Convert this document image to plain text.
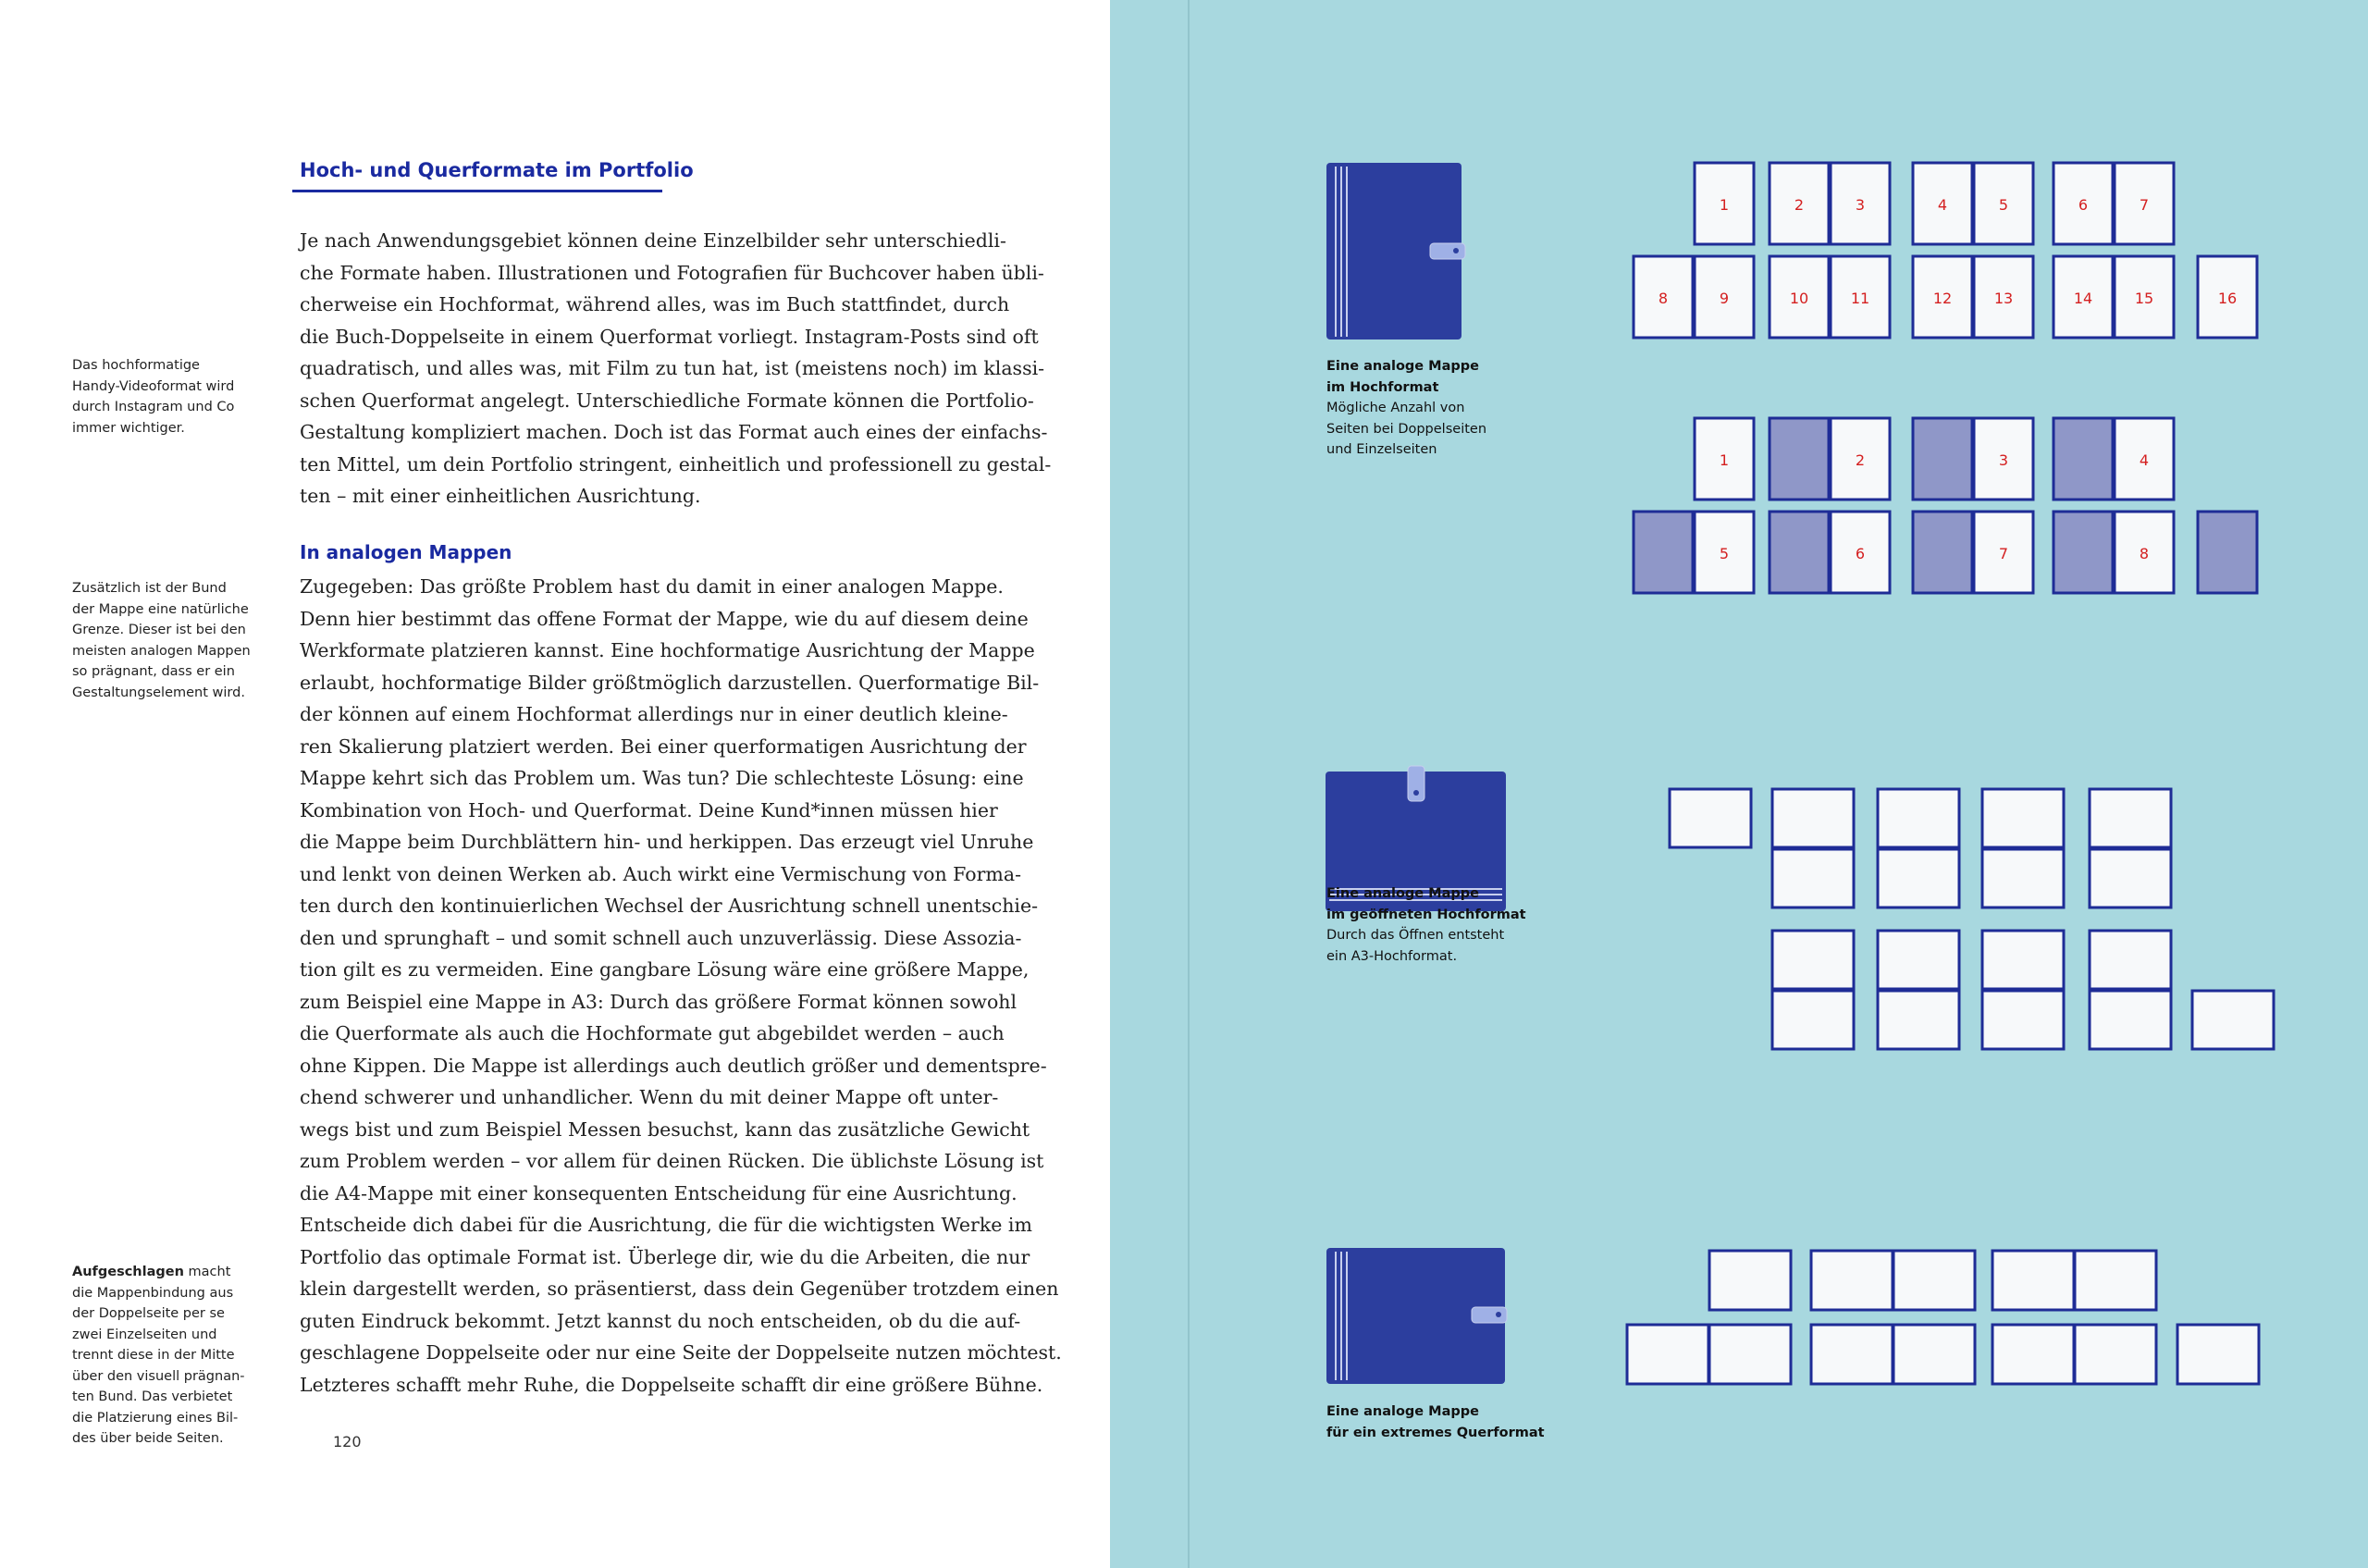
Hoch- und Querformate im Portfolio
Je nach Anwendungsgebiet können deine Einzelbilder sehr unterschiedli-
che Formate haben. Illustrationen und Fotografien für Buchcover haben übli-
cherweise ein Hochformat, während alles, was im Buch stattfindet, durch
die Buch-Doppelseite in einem Querformat vorliegt. Instagram-Posts sind oft
quadratisch, und alles was, mit Film zu tun hat, ist (meistens noch) im klassi-
schen Querformat angelegt. Unterschiedliche Formate können die Portfolio-
Gestaltung kompliziert machen. Doch ist das Format auch eines der einfachs-
ten Mittel, um dein Portfolio stringent, einheitlich und professionell zu gestal-
ten – mit einer einheitlichen Ausrichtung.
In analogen Mappen
Zugegeben: Das größte Problem hast du damit in einer analogen Mappe.
Denn hier bestimmt das offene Format der Mappe, wie du auf diesem deine
Werkformate platzieren kannst. Eine hochformatige Ausrichtung der Mappe
erlaubt, hochformatige Bilder größtmöglich darzustellen. Querformatige Bil-
der können auf einem Hochformat allerdings nur in einer deutlich kleine-
ren Skalierung platziert werden. Bei einer querformatigen Ausrichtung der
Mappe kehrt sich das Problem um. Was tun? Die schlechteste Lösung: eine
Kombination von Hoch- und Querformat. Deine Kund*innen müssen hier
die Mappe beim Durchblättern hin- und herkippen. Das erzeugt viel Unruhe
und lenkt von deinen Werken ab. Auch wirkt eine Vermischung von Forma-
ten durch den kontinuierlichen Wechsel der Ausrichtung schnell unentschie-
den und sprunghaft – und somit schnell auch unzuverlässig. Diese Assozia-
tion gilt es zu vermeiden. Eine gangbare Lösung wäre eine größere Mappe,
zum Beispiel eine Mappe in A3: Durch das größere Format können sowohl
die Querformate als auch die Hochformate gut abgebildet werden – auch
ohne Kippen. Die Mappe ist allerdings auch deutlich größer und dementspre-
chend schwerer und unhandlicher. Wenn du mit deiner Mappe oft unter-
wegs bist und zum Beispiel Messen besuchst, kann das zusätzliche Gewicht
zum Problem werden – vor allem für deinen Rücken. Die üblichste Lösung ist
die A4-Mappe mit einer konsequenten Entscheidung für eine Ausrichtung.
Entscheide dich dabei für die Ausrichtung, die für die wichtigsten Werke im
Portfolio das optimale Format ist. Überlege dir, wie du die Arbeiten, die nur
klein dargestellt werden, so präsentierst, dass dein Gegenüber trotzdem einen
guten Eindruck bekommt. Jetzt kannst du noch entscheiden, ob du die auf-
geschlagene Doppelseite oder nur eine Seite der Doppelseite nutzen möchtest.
Letzteres schafft mehr Ruhe, die Doppelseite schafft dir eine größere Bühne.
Das hochformatige
Handy-Videoformat wird
durch Instagram und Co
immer wichtiger.
Zusätzlich ist der Bund
der Mappe eine natürliche
Grenze. Dieser ist bei den
meisten analogen Mappen
so prägnant, dass er ein
Gestaltungselement wird.
Aufgeschlagen macht
die Mappenbindung aus
der Doppelseite per se
zwei Einzelseiten und
trennt diese in der Mitte
über den visuell prägnan-
ten Bund. Das verbietet
die Platzierung eines Bil-
des über beide Seiten.	120
1	2	3	4	5	6	7
8	9	10	11	12	13	14	15	16
1	2	3	4
5	6	7	8
Eine analoge Mappe
im Hochformat
Mögliche Anzahl von
Seiten bei Doppelseiten
und Einzelseiten
Eine analoge Mappe
im geöffneten Hochformat
Durch das Öffnen entsteht
ein A3-Hochformat.
Eine analoge Mappe
für ein extremes Querformat
